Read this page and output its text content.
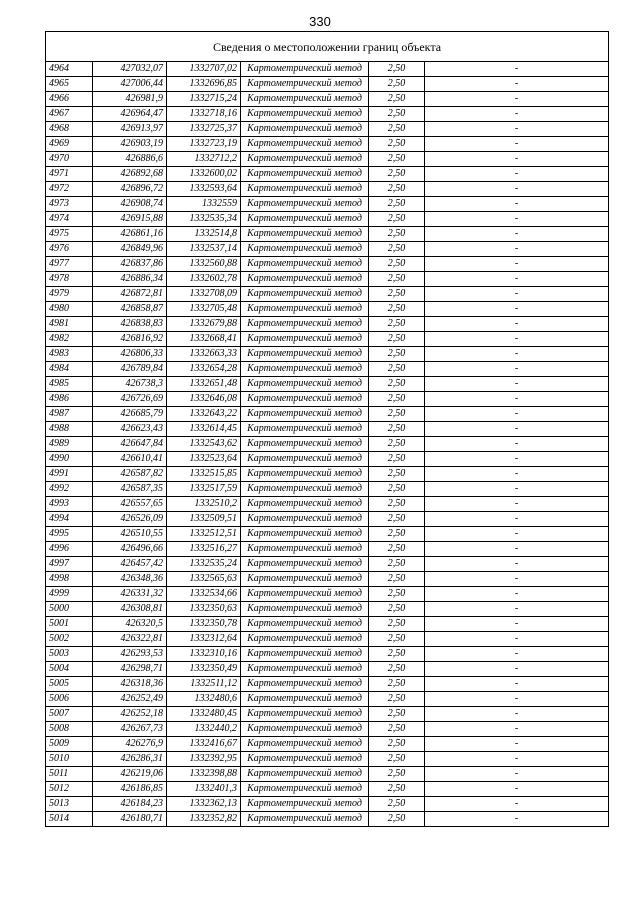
330
Сведения о местоположении границ объекта					
4964	427032,07	1332707,02	Картометрический метод	2,50	-
4965	427006,44	1332696,85	Картометрический метод	2,50	-
4966	426981,9	1332715,24	Картометрический метод	2,50	-
4967	426964,47	1332718,16	Картометрический метод	2,50	-
4968	426913,97	1332725,37	Картометрический метод	2,50	-
4969	426903,19	1332723,19	Картометрический метод	2,50	-
4970	426886,6	1332712,2	Картометрический метод	2,50	-
4971	426892,68	1332600,02	Картометрический метод	2,50	-
4972	426896,72	1332593,64	Картометрический метод	2,50	-
4973	426908,74	1332559	Картометрический метод	2,50	-
4974	426915,88	1332535,34	Картометрический метод	2,50	-
4975	426861,16	1332514,8	Картометрический метод	2,50	-
4976	426849,96	1332537,14	Картометрический метод	2,50	-
4977	426837,86	1332560,88	Картометрический метод	2,50	-
4978	426886,34	1332602,78	Картометрический метод	2,50	-
4979	426872,81	1332708,09	Картометрический метод	2,50	-
4980	426858,87	1332705,48	Картометрический метод	2,50	-
4981	426838,83	1332679,88	Картометрический метод	2,50	-
4982	426816,92	1332668,41	Картометрический метод	2,50	-
4983	426806,33	1332663,33	Картометрический метод	2,50	-
4984	426789,84	1332654,28	Картометрический метод	2,50	-
4985	426738,3	1332651,48	Картометрический метод	2,50	-
4986	426726,69	1332646,08	Картометрический метод	2,50	-
4987	426685,79	1332643,22	Картометрический метод	2,50	-
4988	426623,43	1332614,45	Картометрический метод	2,50	-
4989	426647,84	1332543,62	Картометрический метод	2,50	-
4990	426610,41	1332523,64	Картометрический метод	2,50	-
4991	426587,82	1332515,85	Картометрический метод	2,50	-
4992	426587,35	1332517,59	Картометрический метод	2,50	-
4993	426557,65	1332510,2	Картометрический метод	2,50	-
4994	426526,09	1332509,51	Картометрический метод	2,50	-
4995	426510,55	1332512,51	Картометрический метод	2,50	-
4996	426496,66	1332516,27	Картометрический метод	2,50	-
4997	426457,42	1332535,24	Картометрический метод	2,50	-
4998	426348,36	1332565,63	Картометрический метод	2,50	-
4999	426331,32	1332534,66	Картометрический метод	2,50	-
5000	426308,81	1332350,63	Картометрический метод	2,50	-
5001	426320,5	1332350,78	Картометрический метод	2,50	-
5002	426322,81	1332312,64	Картометрический метод	2,50	-
5003	426293,53	1332310,16	Картометрический метод	2,50	-
5004	426298,71	1332350,49	Картометрический метод	2,50	-
5005	426318,36	1332511,12	Картометрический метод	2,50	-
5006	426252,49	1332480,6	Картометрический метод	2,50	-
5007	426252,18	1332480,45	Картометрический метод	2,50	-
5008	426267,73	1332440,2	Картометрический метод	2,50	-
5009	426276,9	1332416,67	Картометрический метод	2,50	-
5010	426286,31	1332392,95	Картометрический метод	2,50	-
5011	426219,06	1332398,88	Картометрический метод	2,50	-
5012	426186,85	1332401,3	Картометрический метод	2,50	-
5013	426184,23	1332362,13	Картометрический метод	2,50	-
5014	426180,71	1332352,82	Картометрический метод	2,50	-
